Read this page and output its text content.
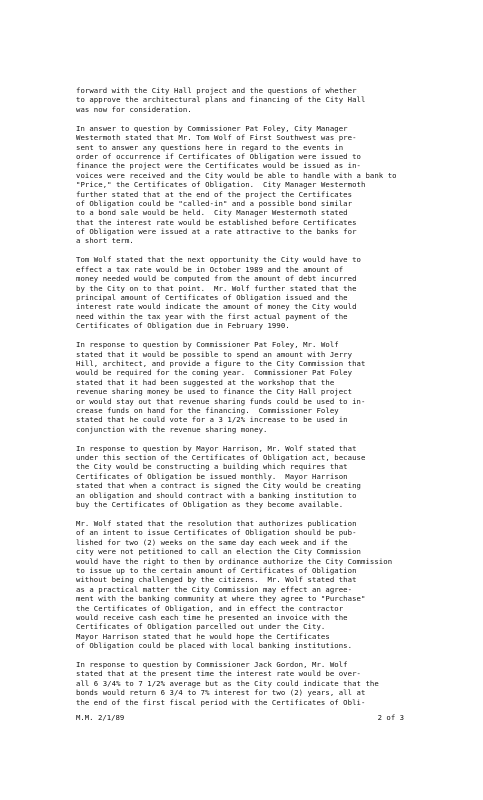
forward with the City Hall project and the questions of whether
to approve the architectural plans and financing of the City Hall
was now for consideration.
In answer to question by Commissioner Pat Foley, City Manager
Westermoth stated that Mr. Tom Wolf of First Southwest was pre-
sent to answer any questions here in regard to the events in
order of occurrence if Certificates of Obligation were issued to
finance the project were the Certificates would be issued as in-
voices were received and the City would be able to handle with a bank to
"Price," the Certificates of Obligation.  City Manager Westermoth
further stated that at the end of the project the Certificates
of Obligation could be "called-in" and a possible bond similar
to a bond sale would be held.  City Manager Westermoth stated
that the interest rate would be established before Certificates
of Obligation were issued at a rate attractive to the banks for
a short term.
Tom Wolf stated that the next opportunity the City would have to
effect a tax rate would be in October 1989 and the amount of
money needed would be computed from the amount of debt incurred
by the City on to that point.  Mr. Wolf further stated that the
principal amount of Certificates of Obligation issued and the
interest rate would indicate the amount of money the City would
need within the tax year with the first actual payment of the
Certificates of Obligation due in February 1990.
In response to question by Commissioner Pat Foley, Mr. Wolf
stated that it would be possible to spend an amount with Jerry
Hill, architect, and provide a figure to the City Commission that
would be required for the coming year.  Commissioner Pat Foley
stated that it had been suggested at the workshop that the
revenue sharing money be used to finance the City Hall project
or would stay out that revenue sharing funds could be used to in-
crease funds on hand for the financing.  Commissioner Foley
stated that he could vote for a 3 1/2% increase to be used in
conjunction with the revenue sharing money.
In response to question by Mayor Harrison, Mr. Wolf stated that
under this section of the Certificates of Obligation act, because
the City would be constructing a building which requires that
Certificates of Obligation be issued monthly.  Mayor Harrison
stated that when a contract is signed the City would be creating
an obligation and should contract with a banking institution to
buy the Certificates of Obligation as they become available.
Mr. Wolf stated that the resolution that authorizes publication
of an intent to issue Certificates of Obligation should be pub-
lished for two (2) weeks on the same day each week and if the
city were not petitioned to call an election the City Commission
would have the right to then by ordinance authorize the City Commission
to issue up to the certain amount of Certificates of Obligation
without being challenged by the citizens.  Mr. Wolf stated that
as a practical matter the City Commission may effect an agree-
ment with the banking community at where they agree to "Purchase"
the Certificates of Obligation, and in effect the contractor
would receive cash each time he presented an invoice with the
Certificates of Obligation parcelled out under the City.
Mayor Harrison stated that he would hope the Certificates
of Obligation could be placed with local banking institutions.
In response to question by Commissioner Jack Gordon, Mr. Wolf
stated that at the present time the interest rate would be over-
all 6 3/4% to 7 1/2% average but as the City could indicate that the
bonds would return 6 3/4 to 7% interest for two (2) years, all at
the end of the first fiscal period with the Certificates of Obli-
M.M. 2/1/89	2 of 3
